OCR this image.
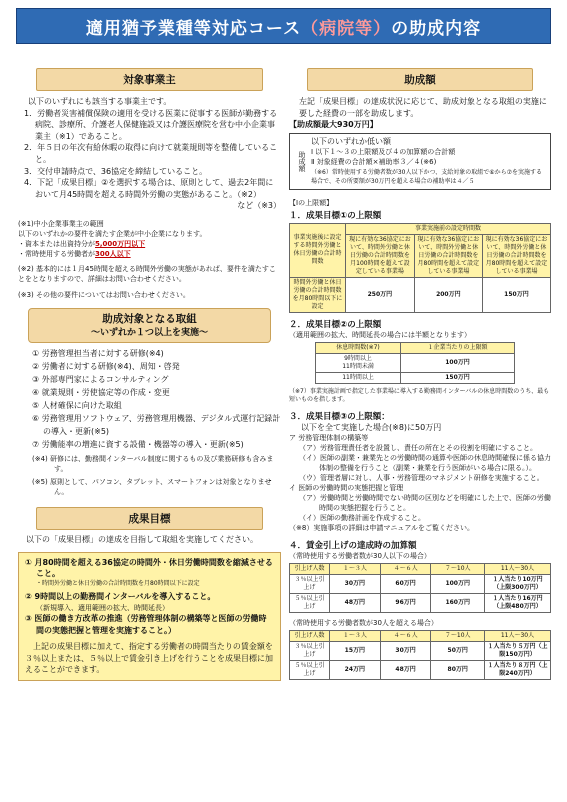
適用猶予業種等対応コース （ 病院等 ） の助成内容
対象事業主
以下のいずれにも該当する事業主です。
1．労働者災害補償保険の適用を受ける医業に従事する医師が勤務する病院、診療所、介護老人保健施設又は介護医療院を営む中小企業事業主（※1）であること。
2．年５日の年次有給休暇の取得に向けて就業規則等を整備していること。
3．交付申請時点で、36協定を締結していること。
4．下記「成果目標」②を選択する場合は、原則として、過去2年間において月45時間を超える時間外労働の実態があること。（※2）
など（※3）
(※1)中小企業事業主の範囲
以下のいずれかの要件を満たす企業が中小企業になります。
・資本または出資持分が5,000万円以下
・常時使用する労働者が300人以下
(※2) 基本的には１月45時間を超える時間外労働の実態があれば、要件を満たすことをとなりますので、詳細はお問い合わせください。
(※3) その他の要件についてはお問い合わせください。
助成対象となる取組
～いずれか１つ以上を実施～
① 労務管理担当者に対する研修(※4)
② 労働者に対する研修(※4)、周知・啓発
③ 外部専門家によるコンサルティング
④ 就業規則・労使協定等の作成・変更
⑤ 人材確保に向けた取組
⑥ 労務管理用ソフトウェア、労務管理用機器、デジタル式運行記録計の導入・更新(※5)
⑦ 労働能率の増進に資する設備・機器等の導入・更新(※5)
(※4) 研修には、勤務間インターバル制度に関するもの及び業務研修も含みます。
(※5) 原則として、パソコン、タブレット、スマートフォンは対象となりません。
成果目標
以下の「成果目標」の達成を目指して取組を実施してください。
① 月80時間を超える36協定の時間外・休日労働時間数を縮減させること。
・時間外労働と休日労働の合計時間数を月80時間以下に設定
② 9時間以上の勤務間インターバルを導入すること。
（新規導入、適用範囲の拡大、時間延長）
③ 医師の働き方改革の推進（労務管理体制の構築等と医師の労働時間の実態把握と管理を実施すること。）
上記の成果目標に加えて、指定する労働者の時間当たりの賃金額を３％以上または、５％以上で賃金引き上げを行うことを成果目標に加えることができます。
助成額
左記「成果目標」の達成状況に応じて、助成対象となる取組の実施に要した経費の一部を助成します。
【助成額最大930万円】
助成額
以下のいずれか低い額
Ⅰ 以下１～３の上限額及び４の加算額の合計額
Ⅱ 対象経費の合計額×補助率３／４(※6)
（※6）常時使用する労働者数が30人以下かつ、支給対象の取組で⑥から⑦を実施する場合で、その所要額が30万円を超える場合の補助率は４／５
【Ⅰの上限額】
１．成果目標①の上限額
事業実施後に設定する時間外労働と休日労働の合計時間数	事業実施前の設定時間数		
	現に有効な36協定において、時間外労働と休日労働の合計時間数を月100時間を超えて設定している事業場	現に有効な36協定において、時間外労働と休日労働の合計時間数を月80時間を超えて設定している事業場	現に有効な36協定において、時間外労働と休日労働の合計時間数を月80時間を超えて設定している事業場
時間外労働と休日労働の合計時間数を月80時間以下に設定	250万円	200万円	150万円
２．成果目標②の上限額
（適用範囲の拡大、時間延長の場合には半額となります）
休息時間数(※7)	１企業当たりの上限額

9時間以上
11時間未満	100万円
11時間以上	150万円
（※7）事業実施計画で指定した事業場に導入する勤務間インターバルの休息時間数のうち、最も短いものを指します。
３．成果目標③の上限額：
以下を全て実施した場合(※8)に50万円
ア 労務管理体制の構築等
（ア）労務管理責任者を設置し、責任の所在とその役割を明確にすること。
（イ）医師の副業・兼業先との労働時間の通算や医師の休息時間確保に係る協力体制の整備を行うこと（副業・兼業を行う医師がいる場合に限る。）。
（ウ）管理者層に対し、人事・労務管理のマネジメント研修を実施すること。
イ 医師の労働時間の実態把握と管理
（ア）労働時間と労働時間でない時間の区別などを明確にした上で、医師の労働時間の実態把握を行うこと。
（イ）医師の勤務計画を作成すること。
（※8）実施事項の詳細は申請マニュアルをご覧ください。
４．賃金引上げの達成時の加算額
（常時使用する労働者数が30人以下の場合）
引上げ人数	１～３人	４～６人	７～10人	11人～30人
３％以上引上げ	30万円	60万円	100万円	１人当たり10万円（上限300万円）
５％以上引上げ	48万円	96万円	160万円	１人当たり16万円（上限480万円）
（常時使用する労働者数が30人を超える場合）
引上げ人数	１～３人	４～６人	７～10人	11人～30人
３％以上引上げ	15万円	30万円	50万円	１人当たり５万円（上限150万円）
５％以上引上げ	24万円	48万円	80万円	１人当たり８万円（上限240万円）
